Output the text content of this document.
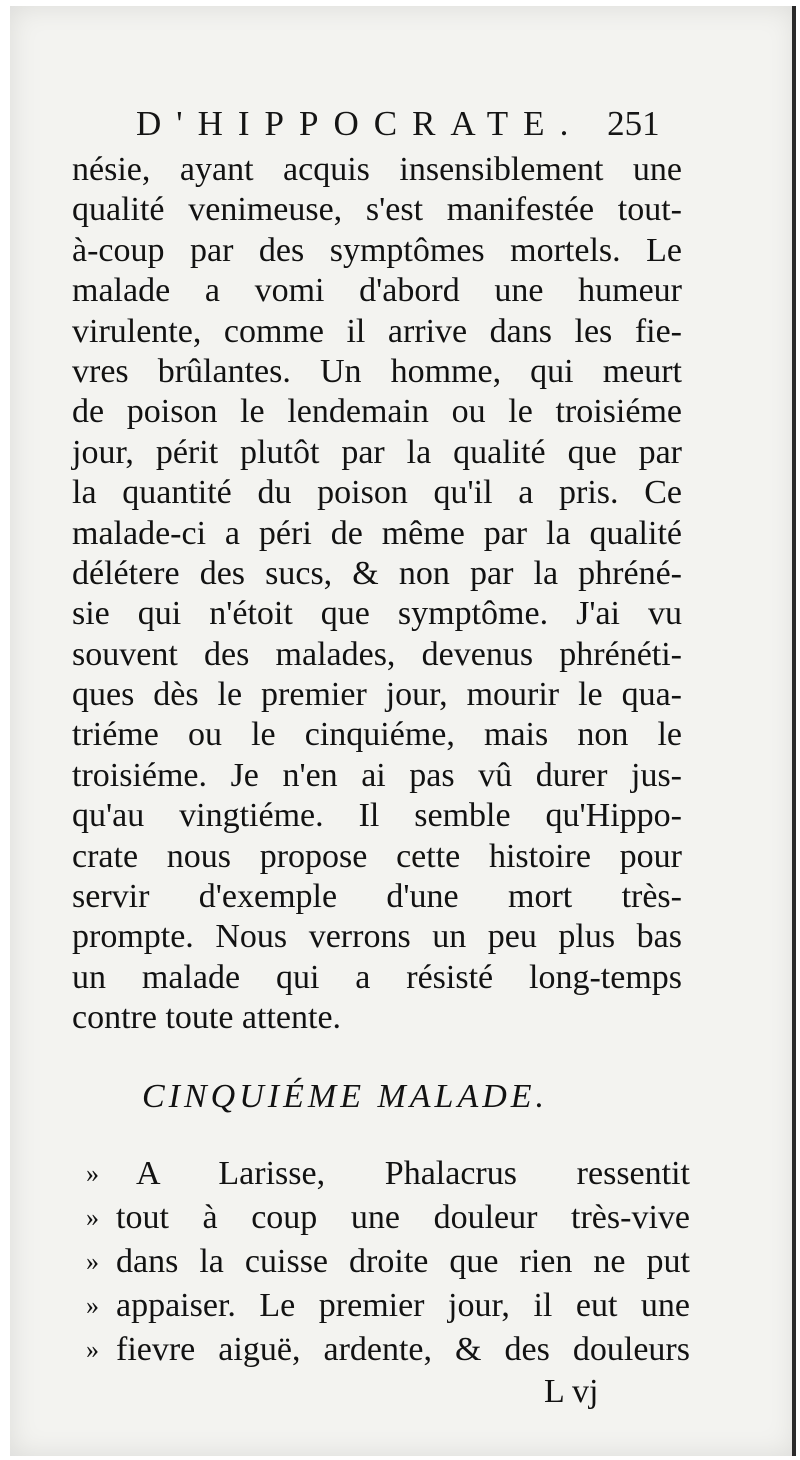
D'HIPPOCRATE. 251
nésie, ayant acquis insensiblement une
qualité venimeuse, s'est manifestée tout-
à-coup par des symptômes mortels. Le
malade a vomi d'abord une humeur
virulente, comme il arrive dans les fie-
vres brûlantes. Un homme, qui meurt
de poison le lendemain ou le troisiéme
jour, périt plutôt par la qualité que par
la quantité du poison qu'il a pris. Ce
malade-ci a péri de même par la qualité
délétere des sucs, & non par la phréné-
sie qui n'étoit que symptôme. J'ai vu
souvent des malades, devenus phrénéti-
ques dès le premier jour, mourir le qua-
triéme ou le cinquiéme, mais non le
troisiéme. Je n'en ai pas vû durer jus-
qu'au vingtiéme. Il semble qu'Hippo-
crate nous propose cette histoire pour
servir d'exemple d'une mort très-
prompte. Nous verrons un peu plus bas
un malade qui a résisté long-temps
contre toute attente.
CINQUIÉME MALADE.
»	A Larisse, Phalacrus ressentit
» tout à coup une douleur très-vive
» dans la cuisse droite que rien ne put
» appaiser. Le premier jour, il eut une
» fievre aiguë, ardente, & des douleurs
L vj
